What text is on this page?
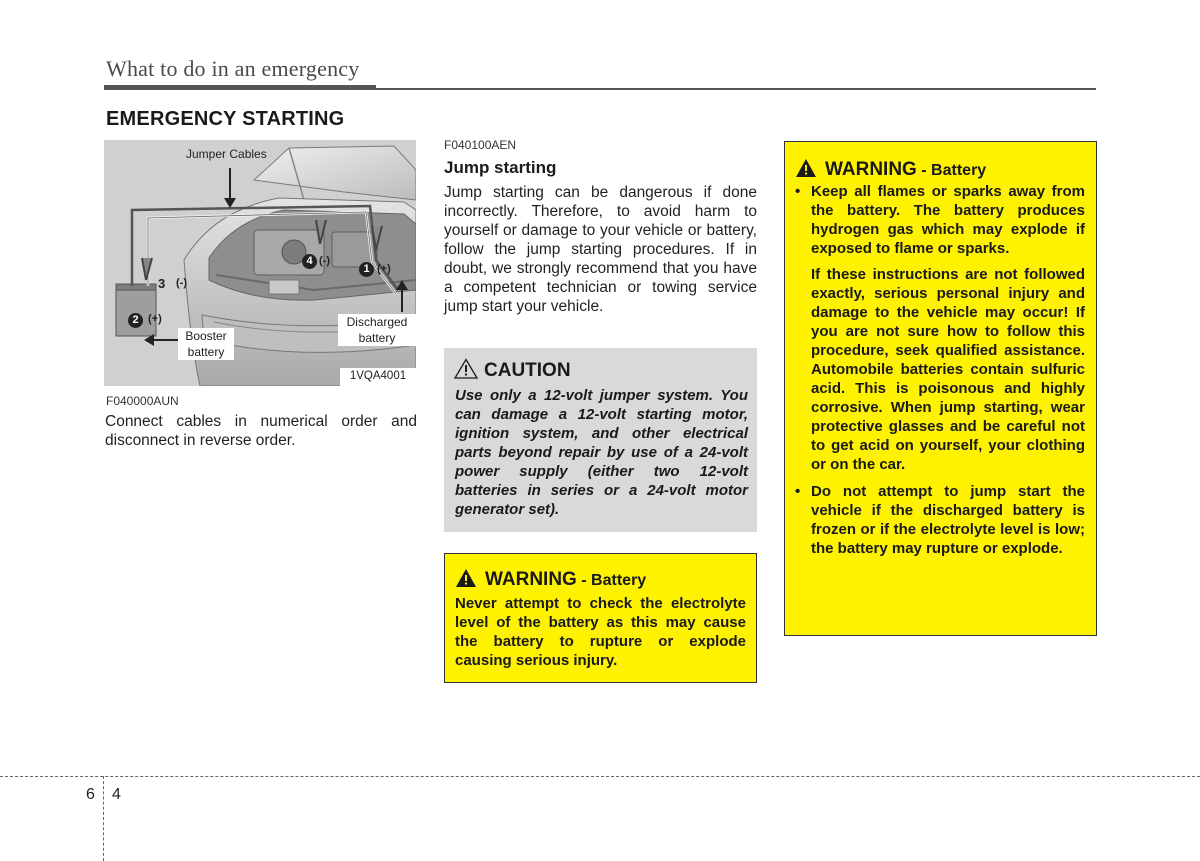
What to do in an emergency
EMERGENCY STARTING
Jumper Cables
4 (-)
1 (+)
3 (-)
2 (+)
Booster
battery
Discharged
battery
1VQA4001
F040000AUN
Connect cables in numerical order and disconnect in reverse order.
F040100AEN
Jump starting
Jump starting can be dangerous if done incorrectly. Therefore, to avoid harm to yourself or damage to your vehicle or battery, follow the jump starting procedures. If in doubt, we strongly recommend that you have a competent technician or towing service jump start your vehicle.
CAUTION
Use only a 12-volt jumper system. You can damage a 12-volt starting motor, ignition system, and other electrical parts beyond repair by use of a 24-volt power supply (either two 12-volt batteries in series or a 24-volt motor generator set).
WARNING - Battery
Never attempt to check the electrolyte level of the battery as this may cause the battery to rupture or explode causing serious injury.
WARNING - Battery

• Keep all flames or sparks away from the battery. The battery produces hydrogen gas which may explode if exposed to flame or sparks.

If these instructions are not followed exactly, serious personal injury and damage to the vehicle may occur! If you are not sure how to follow this procedure, seek qualified assistance. Automobile batteries contain sulfuric acid. This is poisonous and highly corrosive. When jump starting, wear protective glasses and be careful not to get acid on yourself, your clothing or on the car.

• Do not attempt to jump start the vehicle if the discharged battery is frozen or if the electrolyte level is low; the battery may rupture or explode.

6 4
